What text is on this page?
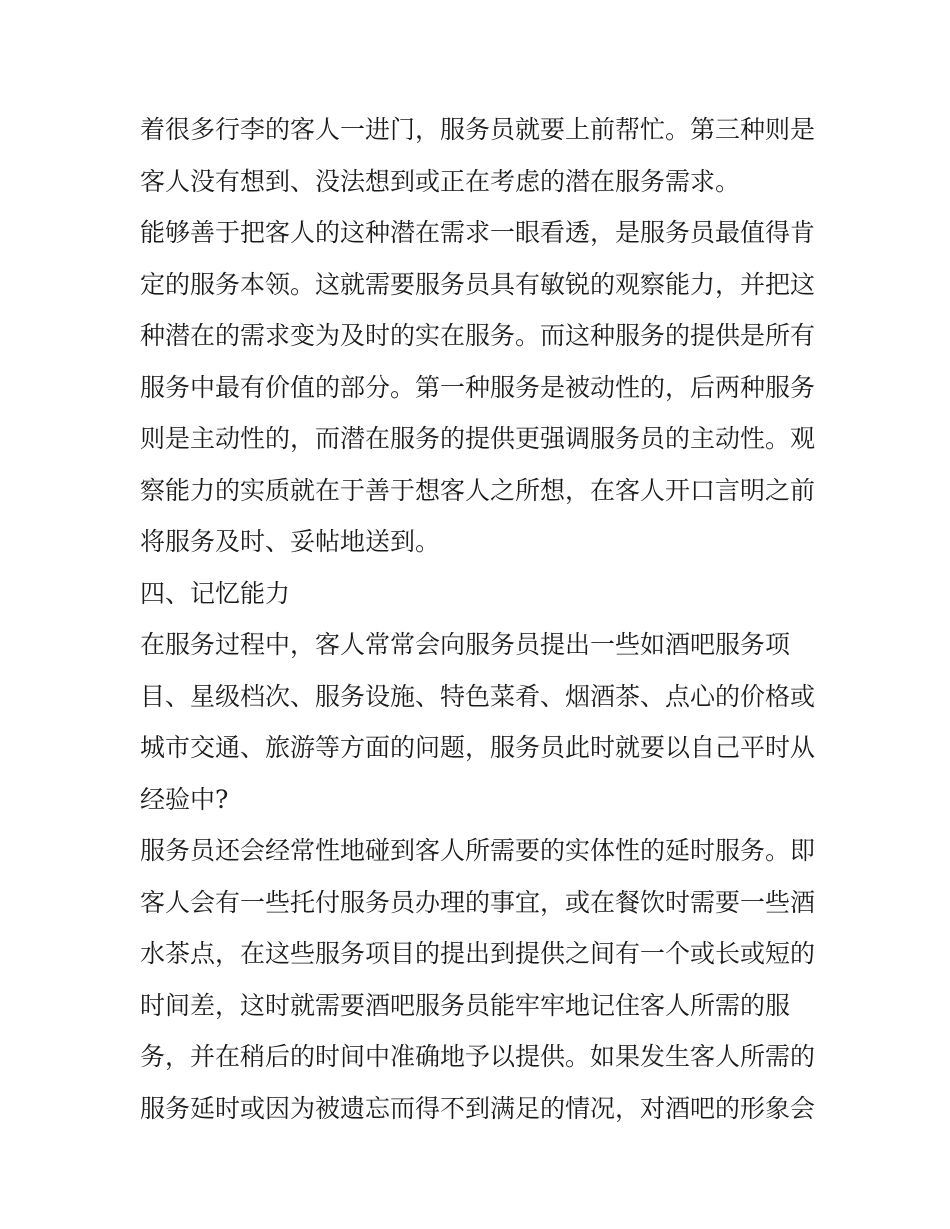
着很多行李的客人一进门，服务员就要上前帮忙。第三种则是
客人没有想到、没法想到或正在考虑的潜在服务需求。
能够善于把客人的这种潜在需求一眼看透，是服务员最值得肯
定的服务本领。这就需要服务员具有敏锐的观察能力，并把这
种潜在的需求变为及时的实在服务。而这种服务的提供是所有
服务中最有价值的部分。第一种服务是被动性的，后两种服务
则是主动性的，而潜在服务的提供更强调服务员的主动性。观
察能力的实质就在于善于想客人之所想，在客人开口言明之前
将服务及时、妥帖地送到。
四、记忆能力
在服务过程中，客人常常会向服务员提出一些如酒吧服务项
目、星级档次、服务设施、特色菜肴、烟酒茶、点心的价格或
城市交通、旅游等方面的问题，服务员此时就要以自己平时从
经验中?
服务员还会经常性地碰到客人所需要的实体性的延时服务。即
客人会有一些托付服务员办理的事宜，或在餐饮时需要一些酒
水茶点，在这些服务项目的提出到提供之间有一个或长或短的
时间差，这时就需要酒吧服务员能牢牢地记住客人所需的服
务，并在稍后的时间中准确地予以提供。如果发生客人所需的
服务延时或因为被遗忘而得不到满足的情况，对酒吧的形象会
